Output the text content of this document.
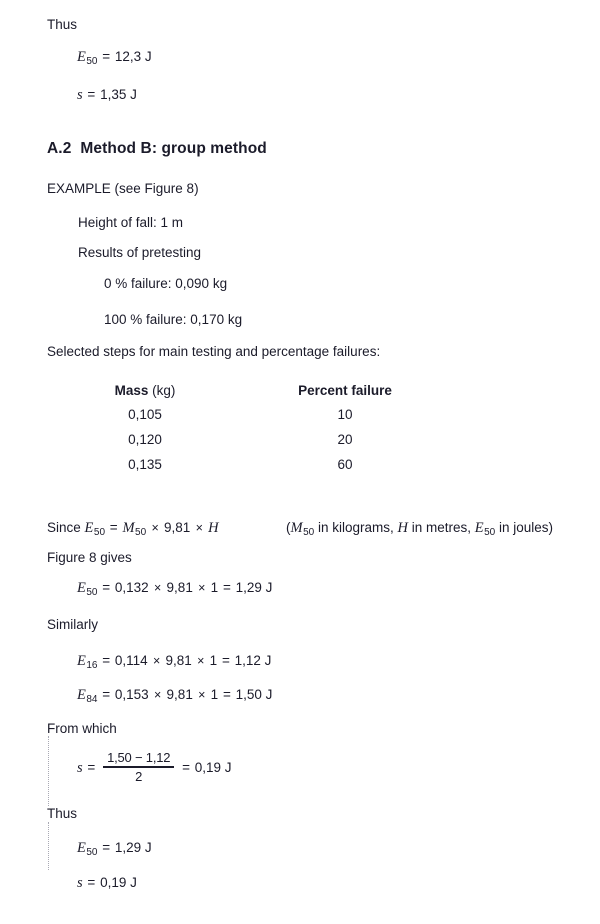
Thus
$E_{50} = 12,3$ J
s = 1,35 J
A.2 Method B: group method
EXAMPLE (see Figure 8)
Height of fall: 1 m
Results of pretesting
0 % failure: 0,090 kg
100 % failure: 0,170 kg
Selected steps for main testing and percentage failures:
Mass (kg)	Percent failure
0,105	10
0,120	20
0,135	60
Since $E_{50} = M_{50} \times 9,81 \times H$	($M_{50}$ in kilograms, H in metres, $E_{50}$ in joules)
Figure 8 gives
$E_{50} = 0,132 \times 9,81 \times 1 = 1,29$ J
Similarly
$E_{16} = 0,114 \times 9,81 \times 1 = 1,12$ J
$E_{84} = 0,153 \times 9,81 \times 1 = 1,50$ J
From which
$s = \frac{1,50 - 1,12}{2} = 0,19$ J
Thus
$E_{50} = 1,29$ J
s = 0,19 J
